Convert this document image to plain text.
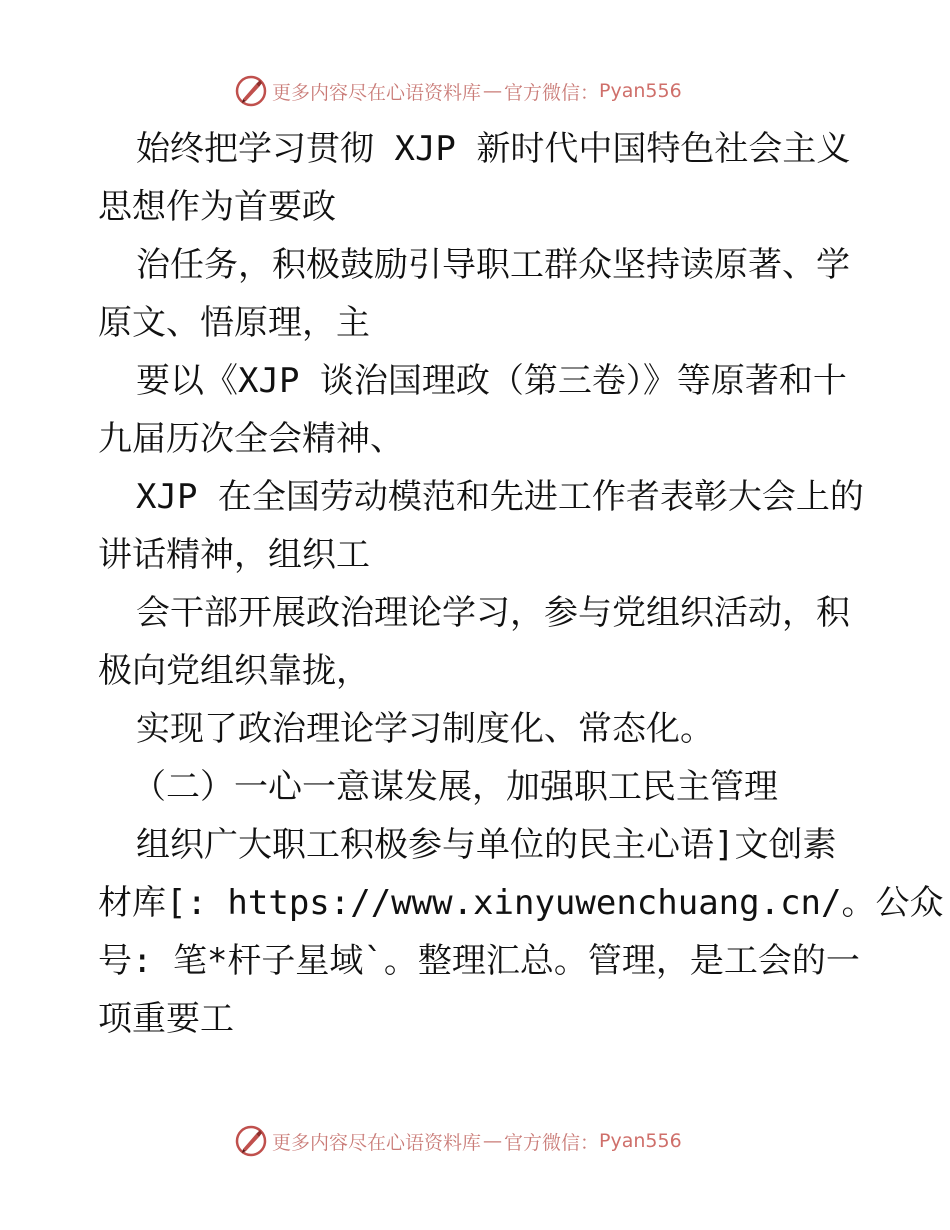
更多内容尽在心语资料库 — 官方微信： Pyan556
始终把学习贯彻 XJP 新时代中国特色社会主义
思想作为首要政
治任务，积极鼓励引导职工群众坚持读原著、学
原文、悟原理，主
要以《XJP 谈治国理政（第三卷）》等原著和十
九届历次全会精神、
XJP 在全国劳动模范和先进工作者表彰大会上的
讲话精神，组织工
会干部开展政治理论学习，参与党组织活动，积
极向党组织靠拢，
实现了政治理论学习制度化、常态化。
（二）一心一意谋发展，加强职工民主管理
组织广大职工积极参与单位的民主心语]文创素
材库[: https://www.xinyuwenchuang.cn/。公众
号: 笔*杆子星域`。整理汇总。管理，是工会的一
项重要工
更多内容尽在心语资料库 — 官方微信： Pyan556
